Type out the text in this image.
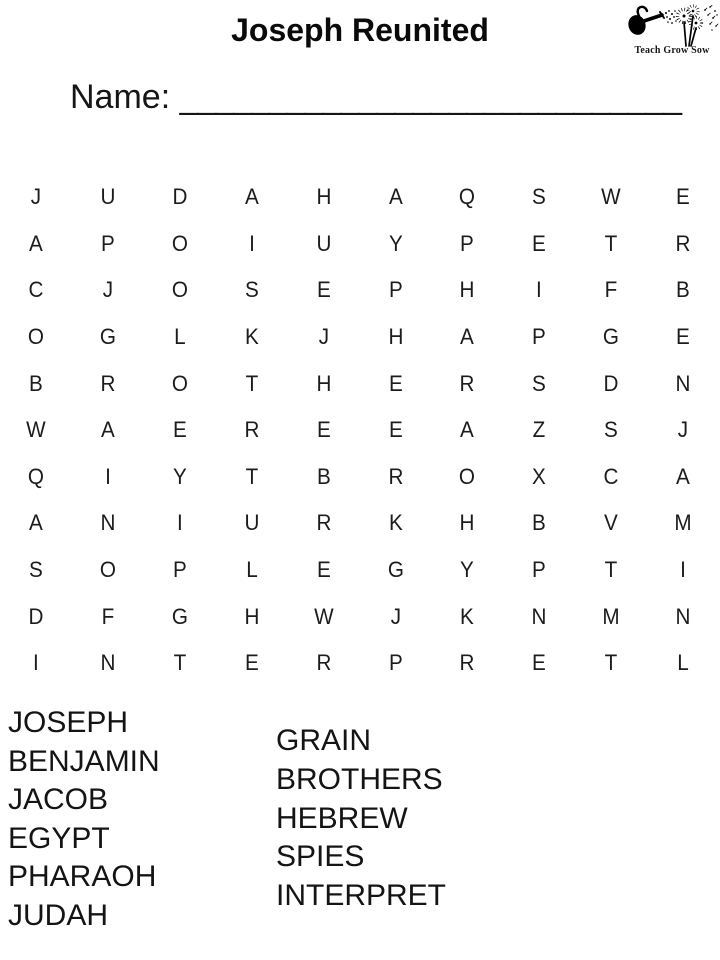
Joseph Reunited
Teach Grow Sow
Name: ____________________________
J	U	D	A	H	A	Q	S	W	E
A	P	O	I	U	Y	P	E	T	R
C	J	O	S	E	P	H	I	F	B
O	G	L	K	J	H	A	P	G	E
B	R	O	T	H	E	R	S	D	N
W	A	E	R	E	E	A	Z	S	J
Q	I	Y	T	B	R	O	X	C	A
A	N	I	U	R	K	H	B	V	M
S	O	P	L	E	G	Y	P	T	I
D	F	G	H	W	J	K	N	M	N
I	N	T	E	R	P	R	E	T	L
JOSEPH
BENJAMIN
JACOB
EGYPT
PHARAOH
JUDAH
GRAIN
BROTHERS
HEBREW
SPIES
INTERPRET
